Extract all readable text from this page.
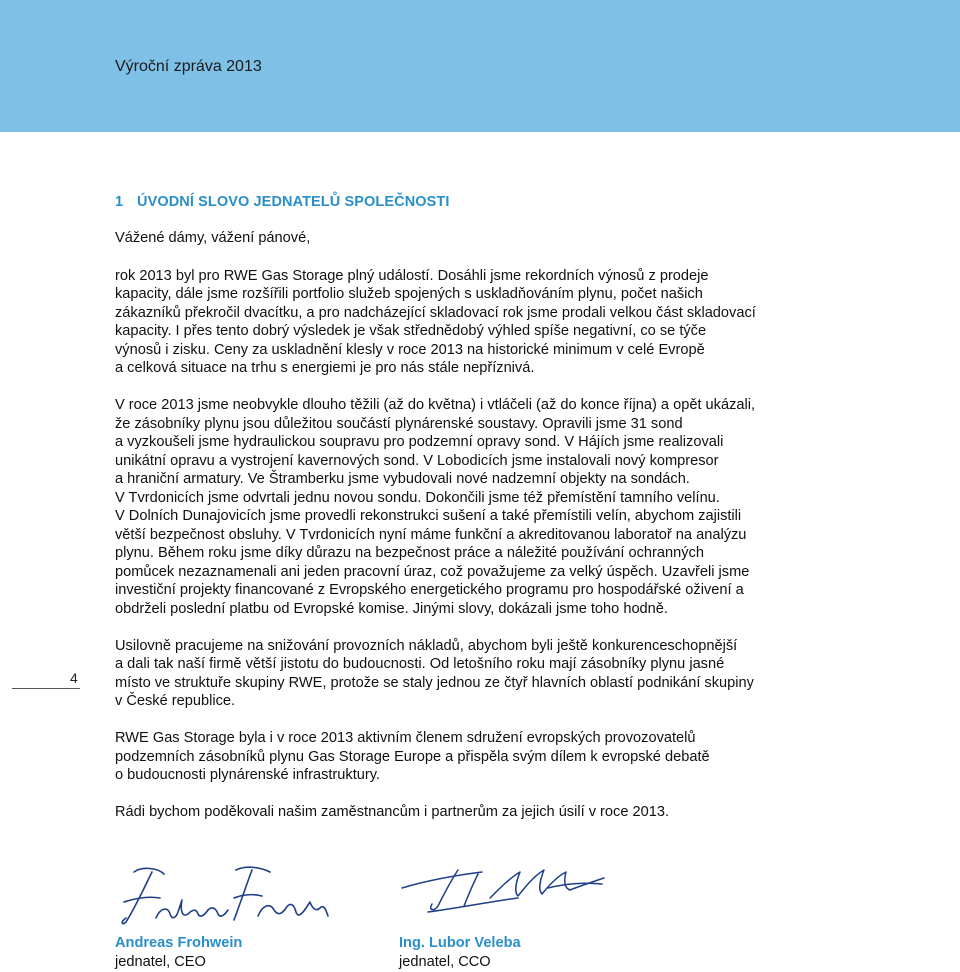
Výroční zpráva 2013
1 ÚVODNÍ SLOVO JEDNATELŮ SPOLEČNOSTI

Vážené dámy, vážení pánové,

rok 2013 byl pro RWE Gas Storage plný událostí. Dosáhli jsme rekordních výnosů z prodeje
kapacity, dále jsme rozšířili portfolio služeb spojených s uskladňováním plynu, počet našich
zákazníků překročil dvacítku, a pro nadcházející skladovací rok jsme prodali velkou část skladovací
kapacity. I přes tento dobrý výsledek je však střednědobý výhled spíše negativní, co se týče
výnosů i zisku. Ceny za uskladnění klesly v roce 2013 na historické minimum v celé Evropě
a celková situace na trhu s energiemi je pro nás stále nepříznivá.
V roce 2013 jsme neobvykle dlouho těžili (až do května) i vtláčeli (až do konce října) a opět ukázali,
že zásobníky plynu jsou důležitou součástí plynárenské soustavy. Opravili jsme 31 sond
a vyzkoušeli jsme hydraulickou soupravu pro podzemní opravy sond. V Hájích jsme realizovali
unikátní opravu a vystrojení kavernových sond. V Lobodicích jsme instalovali nový kompresor
a hraniční armatury. Ve Štramberku jsme vybudovali nové nadzemní objekty na sondách.
V Tvrdonicích jsme odvrtali jednu novou sondu. Dokončili jsme též přemístění tamního velínu.
V Dolních Dunajovicích jsme provedli rekonstrukci sušení a také přemístili velín, abychom zajistili
větší bezpečnost obsluhy. V Tvrdonicích nyní máme funkční a akreditovanou laboratoř na analýzu
plynu. Během roku jsme díky důrazu na bezpečnost práce a náležité používání ochranných
pomůcek nezaznamenali ani jeden pracovní úraz, což považujeme za velký úspěch. Uzavřeli jsme
investiční projekty financované z Evropského energetického programu pro hospodářské oživení a
obdrželi poslední platbu od Evropské komise. Jinými slovy, dokázali jsme toho hodně.
Usilovně pracujeme na snižování provozních nákladů, abychom byli ještě konkurenceschopnější
a dali tak naší firmě větší jistotu do budoucnosti. Od letošního roku mají zásobníky plynu jasné
místo ve struktuře skupiny RWE, protože se staly jednou ze čtyř hlavních oblastí podnikání skupiny
v České republice.
RWE Gas Storage byla i v roce 2013 aktivním členem sdružení evropských provozovatelů
podzemních zásobníků plynu Gas Storage Europe a přispěla svým dílem k evropské debatě
o budoucnosti plynárenské infrastruktury.
Rádi bychom poděkovali našim zaměstnancům i partnerům za jejich úsilí v roce 2013.
4
Andreas Frohwein
jednatel, CEO
Ing. Lubor Veleba
jednatel, CCO
